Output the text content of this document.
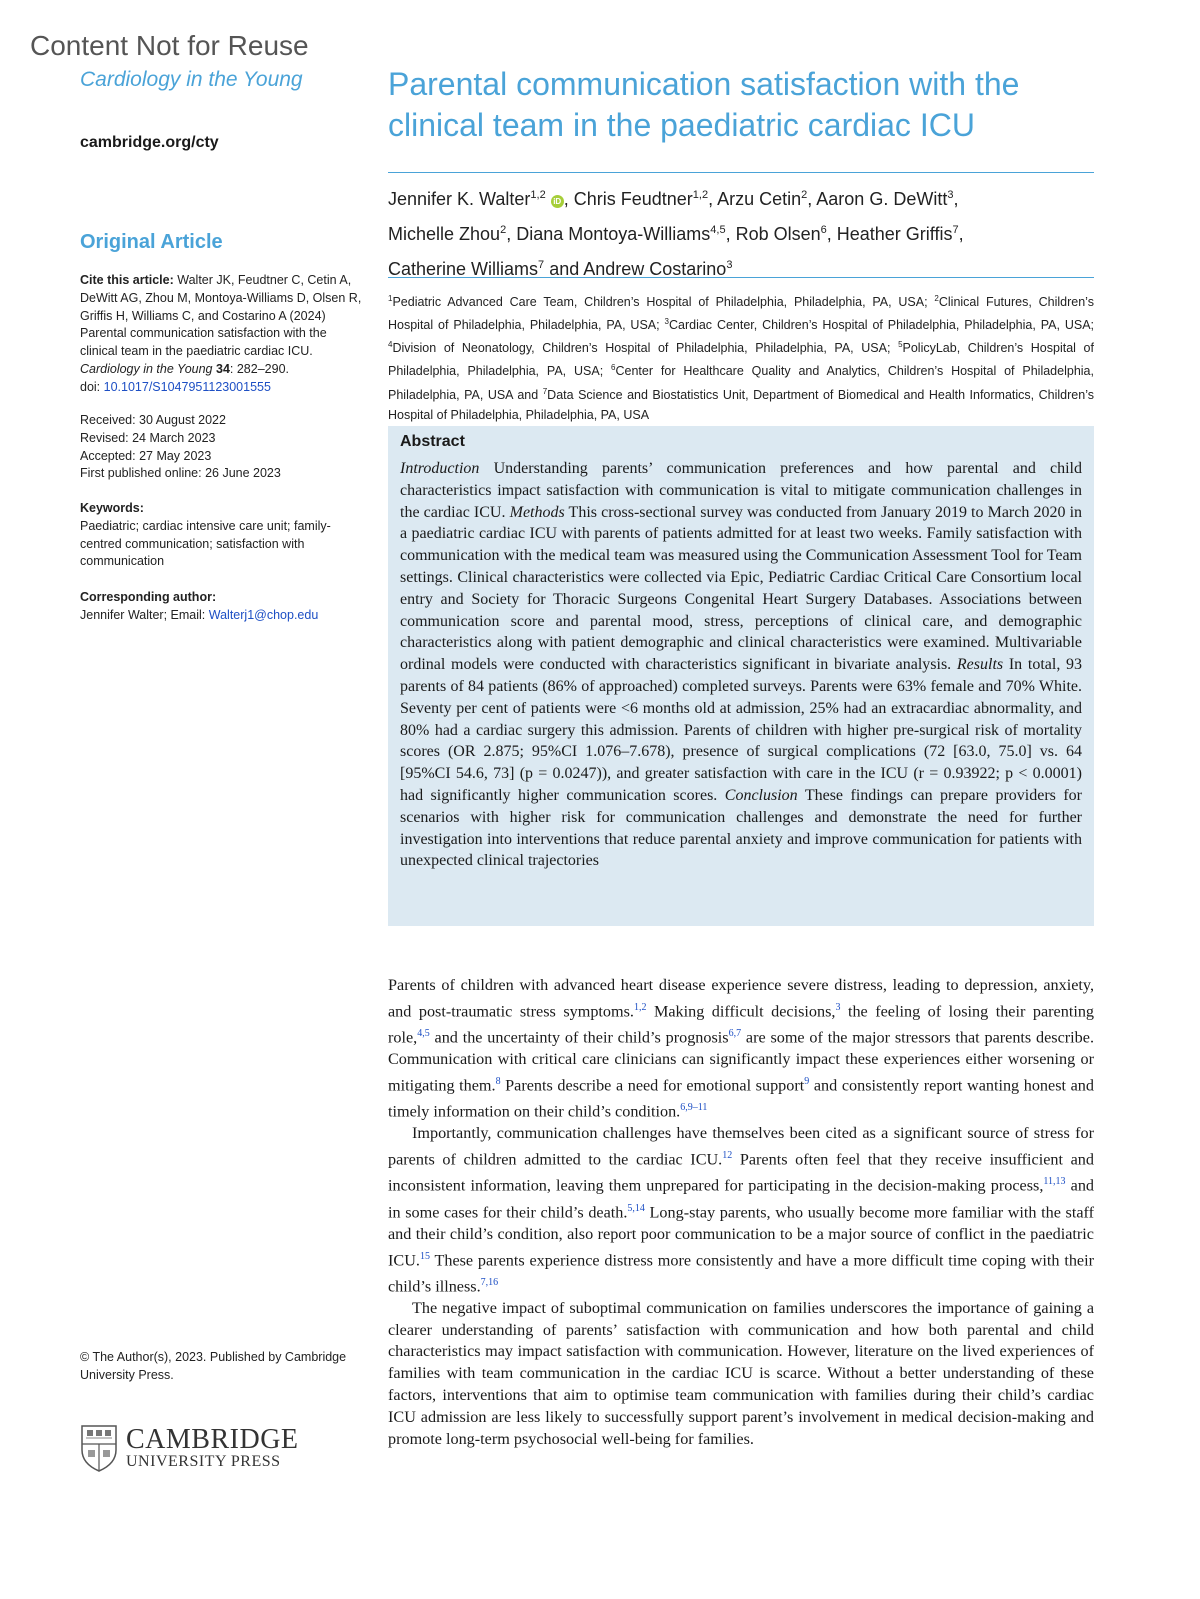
Content Not for Reuse
Cardiology in the Young
cambridge.org/cty
Original Article
Cite this article: Walter JK, Feudtner C, Cetin A, DeWitt AG, Zhou M, Montoya-Williams D, Olsen R, Griffis H, Williams C, and Costarino A (2024) Parental communication satisfaction with the clinical team in the paediatric cardiac ICU. Cardiology in the Young 34: 282–290.
doi: 10.1017/S1047951123001555
Received: 30 August 2022
Revised: 24 March 2023
Accepted: 27 May 2023
First published online: 26 June 2023
Keywords:
Paediatric; cardiac intensive care unit; family-centred communication; satisfaction with communication
Corresponding author:
Jennifer Walter; Email: Walterj1@chop.edu
Parental communication satisfaction with the clinical team in the paediatric cardiac ICU
Jennifer K. Walter$^{1,2}$ iD , Chris Feudtner$^{1,2}$, Arzu Cetin$^2$, Aaron G. DeWitt$^3$,
Michelle Zhou$^2$, Diana Montoya-Williams$^{4,5}$, Rob Olsen$^6$, Heather Griffis$^7$,
Catherine Williams$^7$ and Andrew Costarino$^3$
$^1$Pediatric Advanced Care Team, Children’s Hospital of Philadelphia, Philadelphia, PA, USA; $^2$Clinical Futures, Children’s Hospital of Philadelphia, Philadelphia, PA, USA; $^3$Cardiac Center, Children’s Hospital of Philadelphia, Philadelphia, PA, USA; $^4$Division of Neonatology, Children’s Hospital of Philadelphia, Philadelphia, PA, USA; $^5$PolicyLab, Children’s Hospital of Philadelphia, Philadelphia, PA, USA; $^6$Center for Healthcare Quality and Analytics, Children’s Hospital of Philadelphia, Philadelphia, PA, USA and $^7$Data Science and Biostatistics Unit, Department of Biomedical and Health Informatics, Children’s Hospital of Philadelphia, Philadelphia, PA, USA
Abstract
Introduction Understanding parents’ communication preferences and how parental and child characteristics impact satisfaction with communication is vital to mitigate communication challenges in the cardiac ICU. Methods This cross-sectional survey was conducted from January 2019 to March 2020 in a paediatric cardiac ICU with parents of patients admitted for at least two weeks. Family satisfaction with communication with the medical team was measured using the Communication Assessment Tool for Team settings. Clinical characteristics were collected via Epic, Pediatric Cardiac Critical Care Consortium local entry and Society for Thoracic Surgeons Congenital Heart Surgery Databases. Associations between communication score and parental mood, stress, perceptions of clinical care, and demographic characteristics along with patient demographic and clinical characteristics were examined. Multivariable ordinal models were conducted with characteristics significant in bivariate analysis. Results In total, 93 parents of 84 patients (86% of approached) completed surveys. Parents were 63% female and 70% White. Seventy per cent of patients were <6 months old at admission, 25% had an extracardiac abnormality, and 80% had a cardiac surgery this admission. Parents of children with higher pre-surgical risk of mortality scores (OR 2.875; 95%CI 1.076–7.678), presence of surgical complications (72 [63.0, 75.0] vs. 64 [95%CI 54.6, 73] (p = 0.0247)), and greater satisfaction with care in the ICU (r = 0.93922; p < 0.0001) had significantly higher communication scores. Conclusion These findings can prepare providers for scenarios with higher risk for communication challenges and demonstrate the need for further investigation into interventions that reduce parental anxiety and improve communication for patients with unexpected clinical trajectories

Parents of children with advanced heart disease experience severe distress, leading to depression, anxiety, and post-traumatic stress symptoms.$^{1,2}$ Making difficult decisions,$^3$ the feeling of losing their parenting role,$^{4,5}$ and the uncertainty of their child’s prognosis$^{6,7}$ are some of the major stressors that parents describe. Communication with critical care clinicians can significantly impact these experiences either worsening or mitigating them.$^8$ Parents describe a need for emotional support$^9$ and consistently report wanting honest and timely information on their child’s condition.$^{6,9-11}$

Importantly, communication challenges have themselves been cited as a significant source of stress for parents of children admitted to the cardiac ICU.$^{12}$ Parents often feel that they receive insufficient and inconsistent information, leaving them unprepared for participating in the decision-making process,$^{11,13}$ and in some cases for their child’s death.$^{5,14}$ Long-stay parents, who usually become more familiar with the staff and their child’s condition, also report poor communication to be a major source of conflict in the paediatric ICU.$^{15}$ These parents experience distress more consistently and have a more difficult time coping with their child’s illness.$^{7,16}$

The negative impact of suboptimal communication on families underscores the importance of gaining a clearer understanding of parents’ satisfaction with communication and how both parental and child characteristics may impact satisfaction with communication. However, literature on the lived experiences of families with team communication in the cardiac ICU is scarce. Without a better understanding of these factors, interventions that aim to optimise team communication with families during their child’s cardiac ICU admission are less likely to successfully support parent’s involvement in medical decision-making and promote long-term psychosocial well-being for families.

© The Author(s), 2023. Published by Cambridge University Press.
CAMBRIDGE
UNIVERSITY PRESS
